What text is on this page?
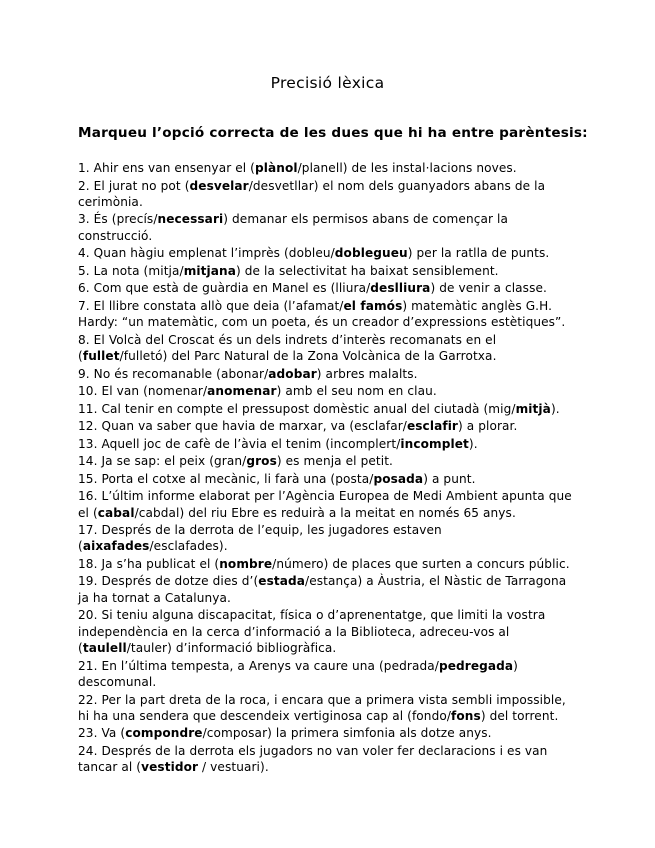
Precisió lèxica
Marqueu l’opció correcta de les dues que hi ha entre parèntesis:
1. Ahir ens van ensenyar el (plànol/planell) de les instal·lacions noves.
2. El jurat no pot (desvelar/desvetllar) el nom dels guanyadors abans de la cerimònia.
3. És (precís/necessari) demanar els permisos abans de començar la construcció.
4. Quan hàgiu emplenat l’imprès (dobleu/doblegueu) per la ratlla de punts.
5. La nota (mitja/mitjana) de la selectivitat ha baixat sensiblement.
6. Com que està de guàrdia en Manel es (lliura/deslliura) de venir a classe.
7. El llibre constata allò que deia (l’afamat/el famós) matemàtic anglès G.H. Hardy: “un matemàtic, com un poeta, és un creador d’expressions estètiques”.
8. El Volcà del Croscat és un dels indrets d’interès recomanats en el (fullet/fulletó) del Parc Natural de la Zona Volcànica de la Garrotxa.
9. No és recomanable (abonar/adobar) arbres malalts.
10. El van (nomenar/anomenar) amb el seu nom en clau.
11. Cal tenir en compte el pressupost domèstic anual del ciutadà (mig/mitjà).
12. Quan va saber que havia de marxar, va (esclafar/esclafir) a plorar.
13. Aquell joc de cafè de l’àvia el tenim (incomplert/incomplet).
14. Ja se sap: el peix (gran/gros) es menja el petit.
15. Porta el cotxe al mecànic, li farà una (posta/posada) a punt.
16. L’últim informe elaborat per l’Agència Europea de Medi Ambient apunta que el (cabal/cabdal) del riu Ebre es reduirà a la meitat en només 65 anys.
17. Després de la derrota de l’equip, les jugadores estaven (aixafades/esclafades).
18. Ja s’ha publicat el (nombre/número) de places que surten a concurs públic.
19. Després de dotze dies d’(estada/estança) a Àustria, el Nàstic de Tarragona ja ha tornat a Catalunya.
20. Si teniu alguna discapacitat, física o d’aprenentatge, que limiti la vostra independència en la cerca d’informació a la Biblioteca, adreceu-vos al (taulell/tauler) d’informació bibliogràfica.
21. En l’última tempesta, a Arenys va caure una (pedrada/pedregada) descomunal.
22. Per la part dreta de la roca, i encara que a primera vista sembli impossible, hi ha una sendera que descendeix vertiginosa cap al (fondo/fons) del torrent.
23. Va (compondre/composar) la primera simfonia als dotze anys.
24. Després de la derrota els jugadors no van voler fer declaracions i es van tancar al (vestidor / vestuari).
